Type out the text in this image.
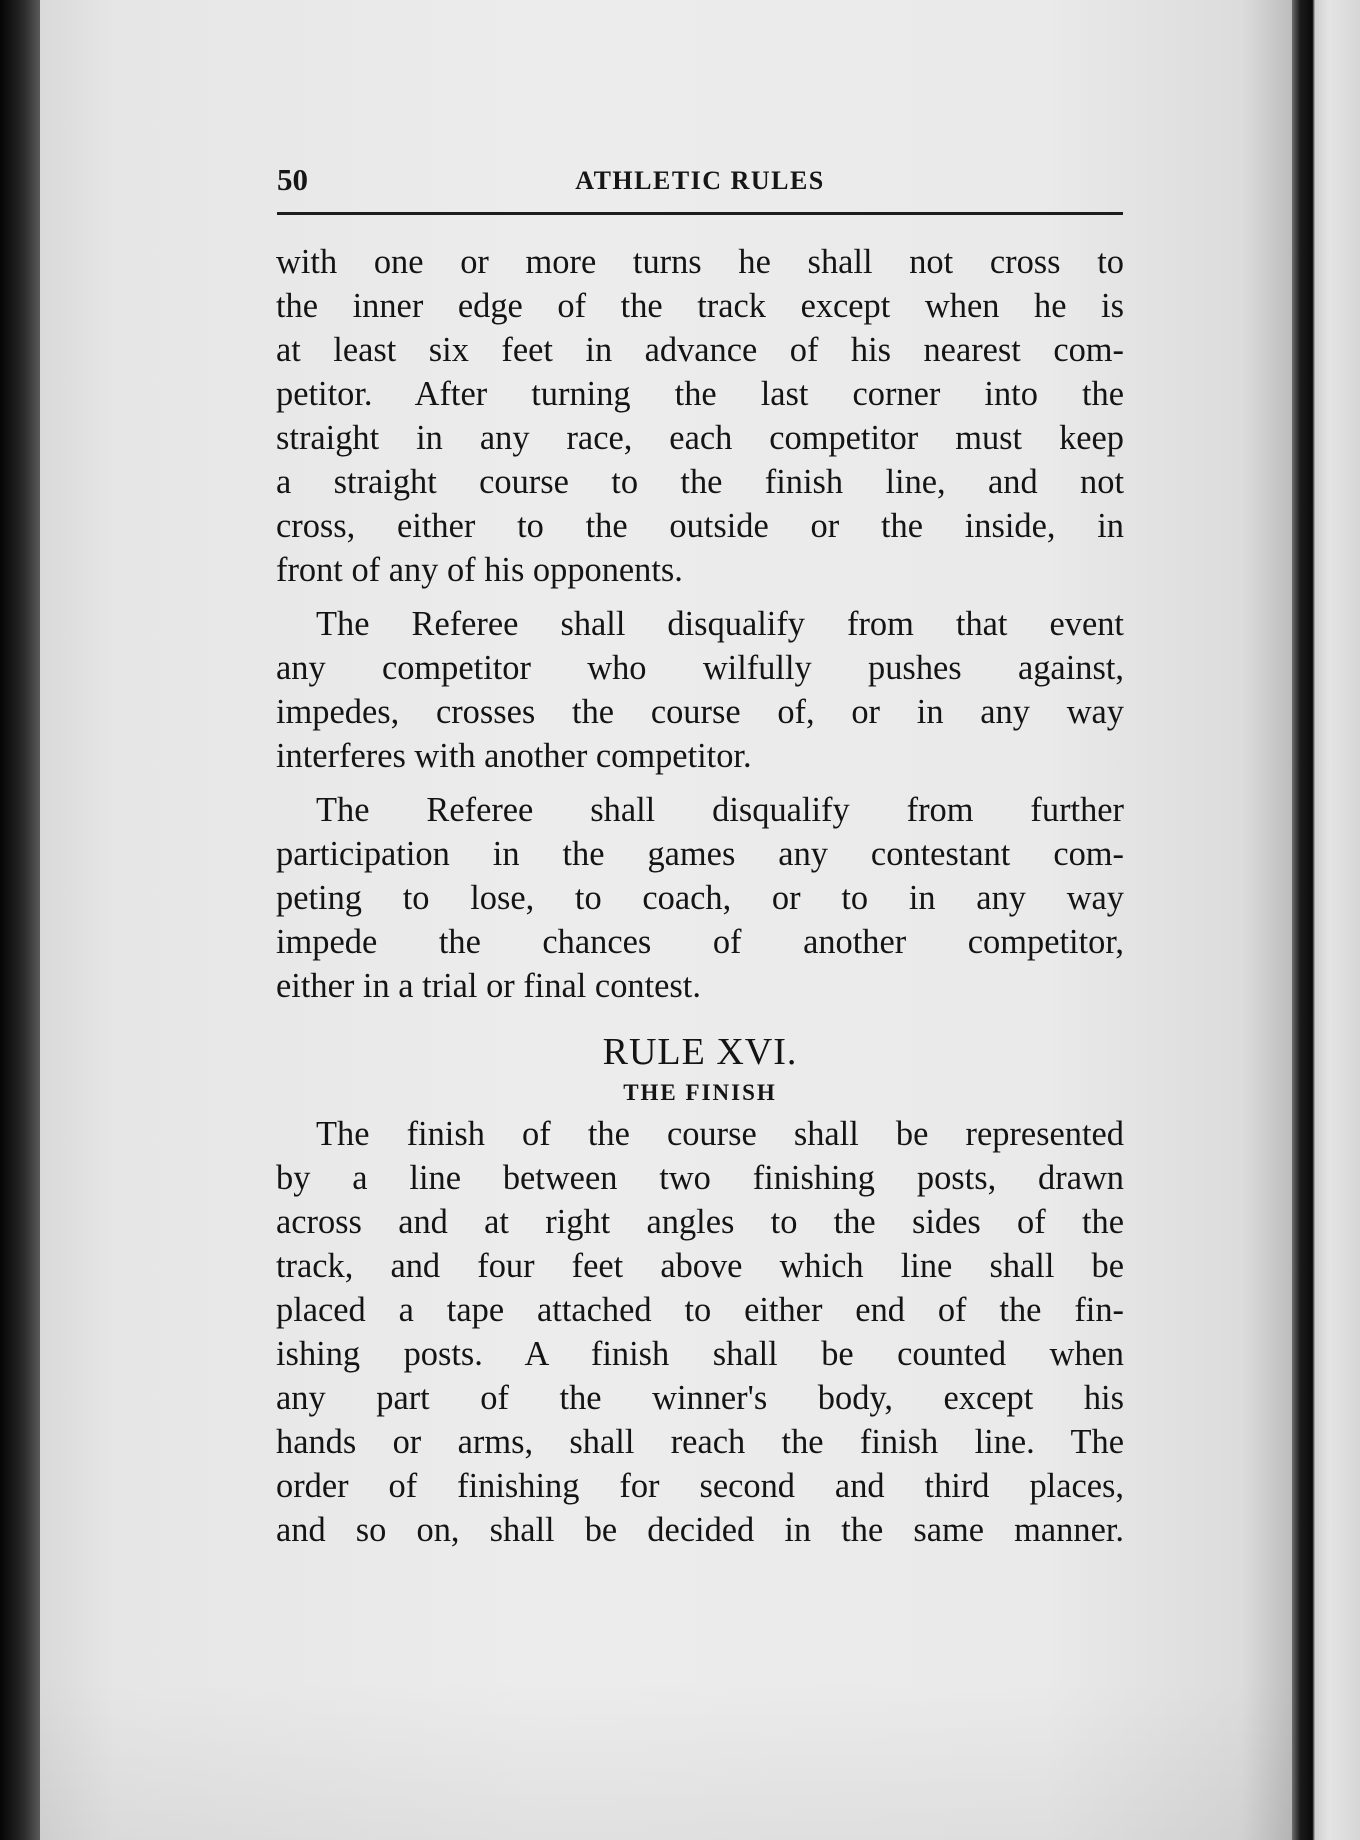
50	ATHLETIC RULES

with one or more turns he shall not cross to
the inner edge of the track except when he is
at least six feet in advance of his nearest com-
petitor. After turning the last corner into the
straight in any race, each competitor must keep
a straight course to the finish line, and not
cross, either to the outside or the inside, in
front of any of his opponents.

The Referee shall disqualify from that event
any competitor who wilfully pushes against,
impedes, crosses the course of, or in any way
interferes with another competitor.

The Referee shall disqualify from further
participation in the games any contestant com-
peting to lose, to coach, or to in any way
impede the chances of another competitor,
either in a trial or final contest.

RULE XVI.
THE FINISH

The finish of the course shall be represented
by a line between two finishing posts, drawn
across and at right angles to the sides of the
track, and four feet above which line shall be
placed a tape attached to either end of the fin-
ishing posts. A finish shall be counted when
any part of the winner's body, except his
hands or arms, shall reach the finish line. The
order of finishing for second and third places,
and so on, shall be decided in the same manner.
